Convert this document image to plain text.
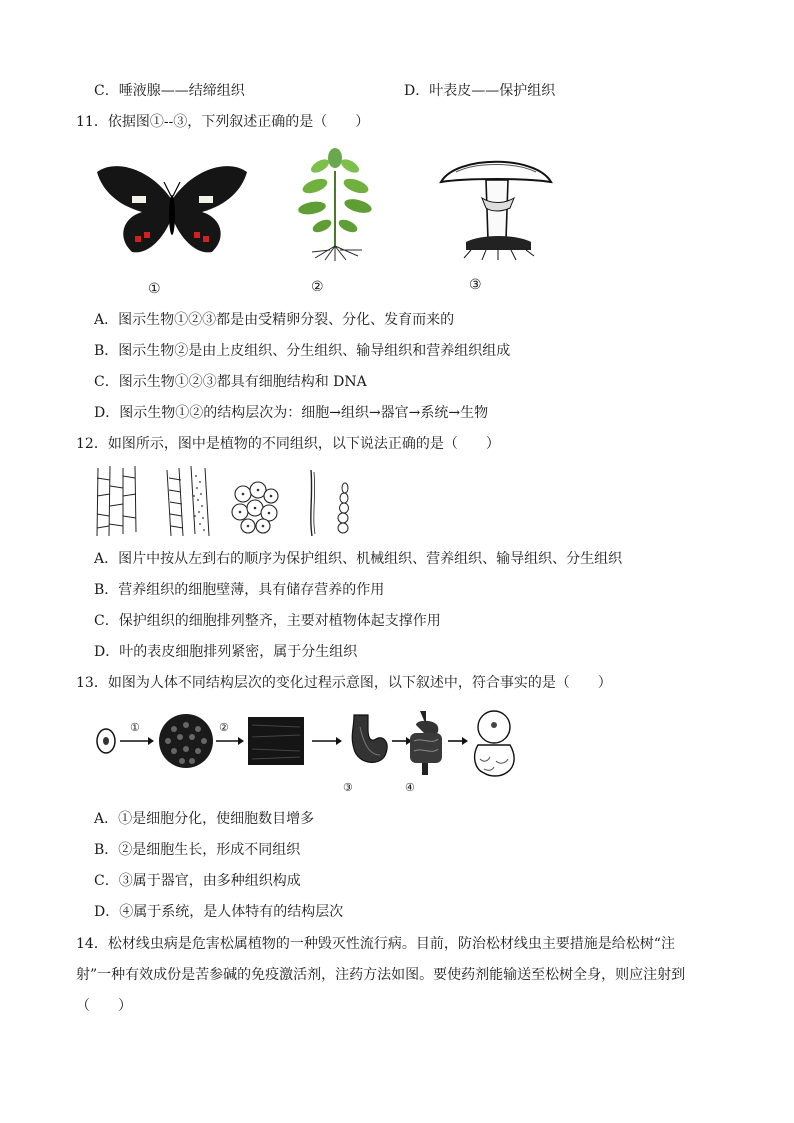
C．唾液腺——结缔组织	D．叶表皮——保护组织
11．依据图①--③，下列叙述正确的是（　　）
①	②	③
A．图示生物①②③都是由受精卵分裂、分化、发育而来的
B．图示生物②是由上皮组织、分生组织、输导组织和营养组织组成
C．图示生物①②③都具有细胞结构和 DNA
D．图示生物①②的结构层次为：细胞→组织→器官→系统→生物
12．如图所示，图中是植物的不同组织，以下说法正确的是（　　）
A．图片中按从左到右的顺序为保护组织、机械组织、营养组织、输导组织、分生组织
B．营养组织的细胞壁薄，具有储存营养的作用
C．保护组织的细胞排列整齐，主要对植物体起支撑作用
D．叶的表皮细胞排列紧密，属于分生组织
13．如图为人体不同结构层次的变化过程示意图，以下叙述中，符合事实的是（　　）
③	④
①	②
A．①是细胞分化，使细胞数目增多
B．②是细胞生长，形成不同组织
C．③属于器官，由多种组织构成
D．④属于系统，是人体特有的结构层次
14．松材线虫病是危害松属植物的一种毁灭性流行病。目前，防治松材线虫主要措施是给松树“注
射”一种有效成份是苦参碱的免疫激活剂，注药方法如图。要使药剂能输送至松树全身，则应注射到
（　　）
